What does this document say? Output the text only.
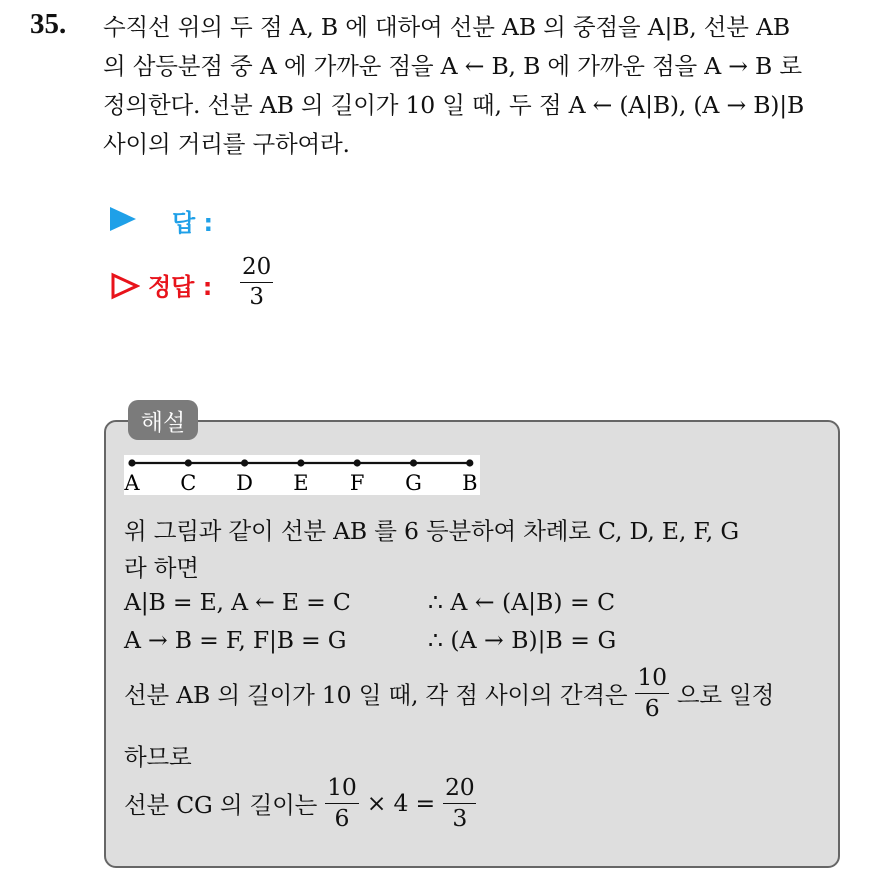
35. 수직선 위의 두 점 A, B 에 대하여 선분 AB 의 중점을 A|B, 선분 AB
의 삼등분점 중 A 에 가까운 점을 A ← B, B 에 가까운 점을 A → B 로
정의한다. 선분 AB 의 길이가 10 일 때, 두 점 A ← (A|B), (A → B)|B
사이의 거리를 구하여라.
답 :
정답 : $\frac{20}{3}$
해설
A C D E F G B
위 그림과 같이 선분 AB 를 6 등분하여 차례로 C, D, E, F, G
라 하면
A|B = E, A ← E = C	∴ A ← (A|B) = C
A → B = F, F|B = G	∴ (A → B)|B = G
선분 AB 의 길이가 10 일 때, 각 점 사이의 간격은 $\frac{10}{6}$ 으로 일정
하므로
선분 CG 의 길이는 $\frac{10}{6} \times 4 = \frac{20}{3}$
